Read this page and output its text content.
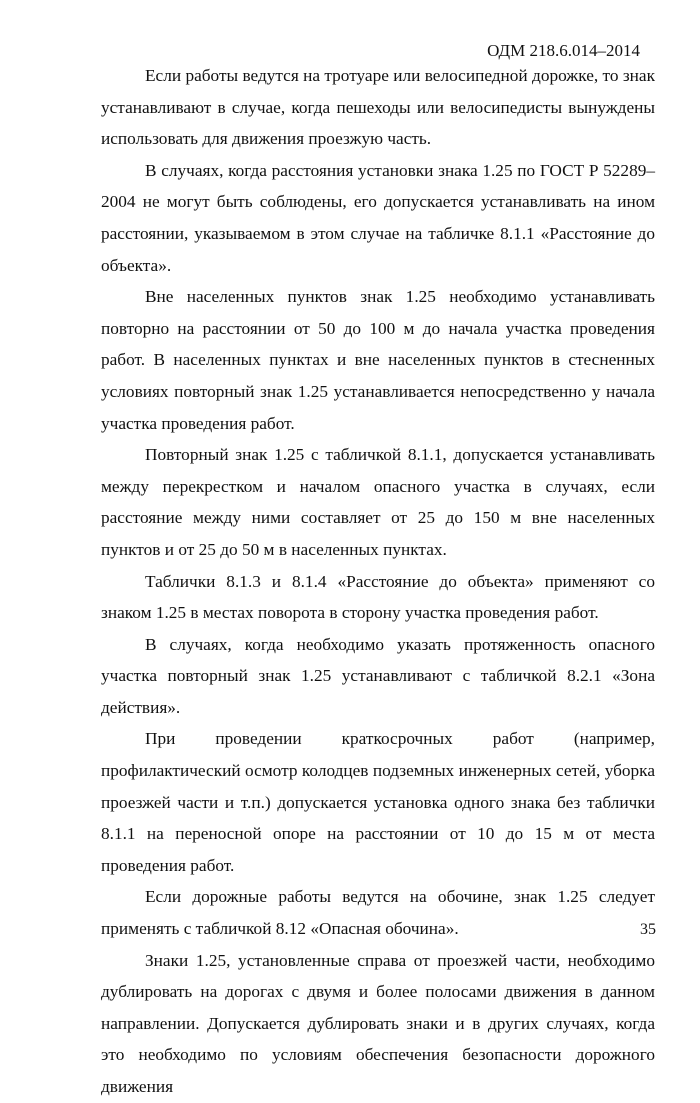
ОДМ 218.6.014–2014

Если работы ведутся на тротуаре или велосипедной дорожке, то знак устанавливают в случае, когда пешеходы или велосипедисты вынуждены использовать для движения проезжую часть.

В случаях, когда расстояния установки знака 1.25 по ГОСТ Р 52289–2004 не могут быть соблюдены, его допускается устанавливать на ином расстоянии, указываемом в этом случае на табличке 8.1.1 «Расстояние до объекта».

Вне населенных пунктов знак 1.25 необходимо устанавливать повторно на расстоянии от 50 до 100 м до начала участка проведения работ. В населенных пунктах и вне населенных пунктов в стесненных условиях повторный знак 1.25 устанавливается непосредственно у начала участка проведения работ.

Повторный знак 1.25 с табличкой 8.1.1, допускается устанавливать между перекрестком и началом опасного участка в случаях, если расстояние между ними составляет от 25 до 150 м вне населенных пунктов и от 25 до 50 м в населенных пунктах.

Таблички 8.1.3 и 8.1.4 «Расстояние до объекта» применяют со знаком 1.25 в местах поворота в сторону участка проведения работ.

В случаях, когда необходимо указать протяженность опасного участка повторный знак 1.25 устанавливают с табличкой 8.2.1 «Зона действия».

При проведении краткосрочных работ (например, профилактический осмотр колодцев подземных инженерных сетей, уборка проезжей части и т.п.) допускается установка одного знака без таблички 8.1.1 на переносной опоре на расстоянии от 10 до 15 м от места проведения работ.

Если дорожные работы ведутся на обочине, знак 1.25 следует применять с табличкой 8.12 «Опасная обочина».

Знаки 1.25, установленные справа от проезжей части, необходимо дублировать на дорогах с двумя и более полосами движения в данном направлении. Допускается дублировать знаки и в других случаях, когда это необходимо по условиям обеспечения безопасности дорожного движения

35
